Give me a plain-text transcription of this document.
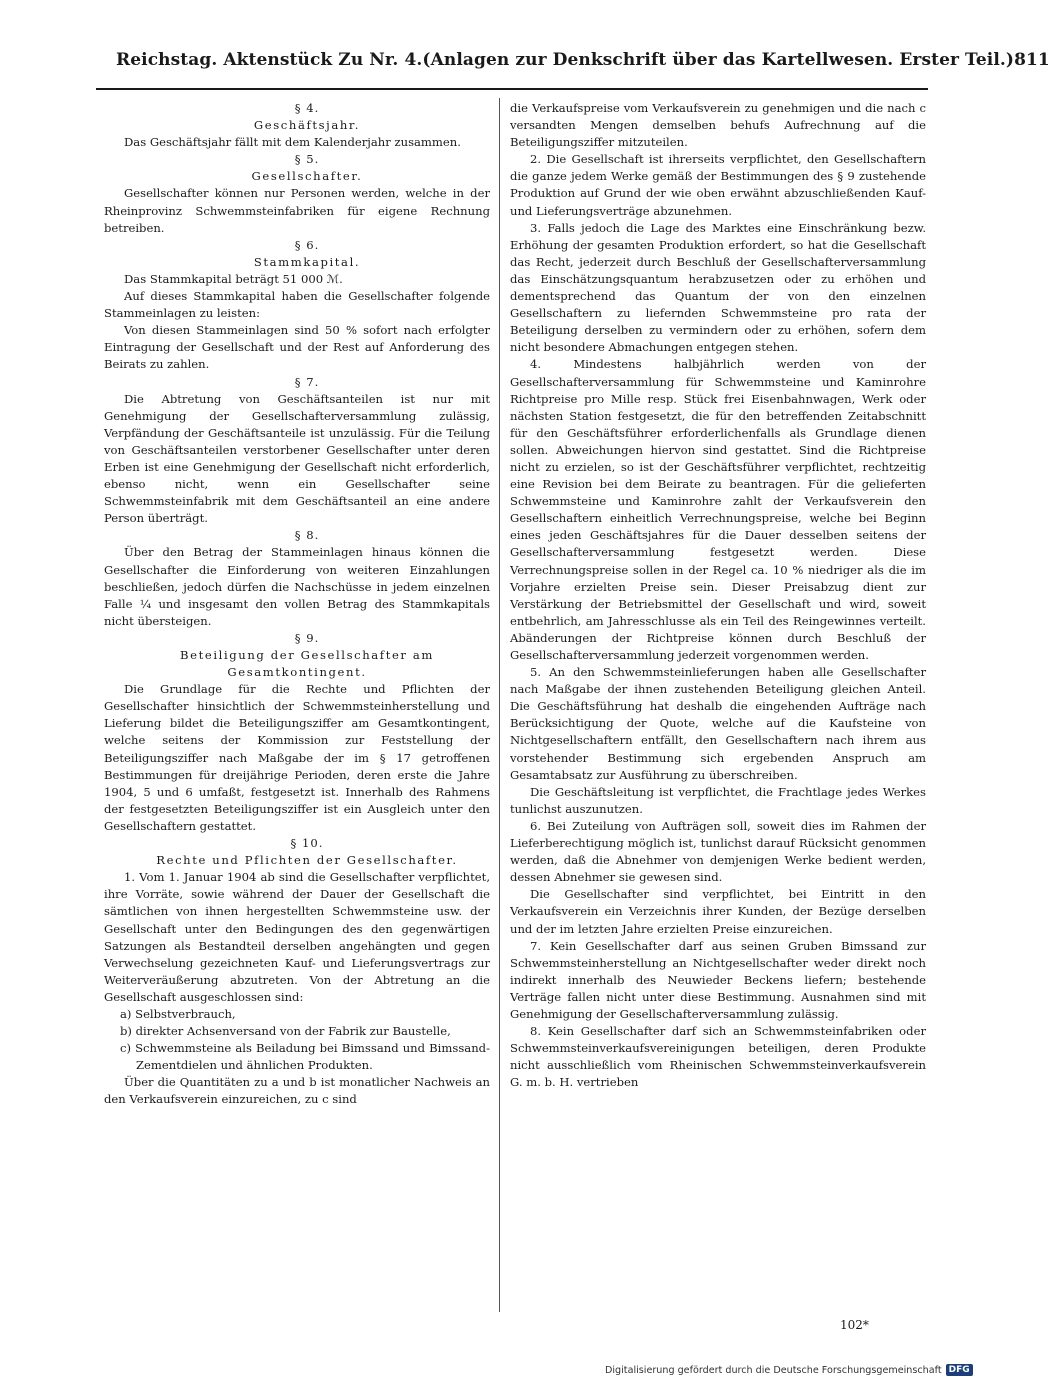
Reichstag. Aktenstück Zu Nr. 4. (Anlagen zur Denkschrift über das Kartellwesen. Erster Teil.) 811

§ 4.

Geschäftsjahr.

Das Geschäftsjahr fällt mit dem Kalenderjahr zusammen.

§ 5.

Gesellschafter.

Gesellschafter können nur Personen werden, welche in der Rheinprovinz Schwemmsteinfabriken für eigene Rechnung betreiben.

§ 6.

Stammkapital.

Das Stammkapital beträgt 51 000 ℳ.

Auf dieses Stammkapital haben die Gesellschafter folgende Stammeinlagen zu leisten:

Von diesen Stammeinlagen sind 50 % sofort nach erfolgter Eintragung der Gesellschaft und der Rest auf Anforderung des Beirats zu zahlen.

§ 7.

Die Abtretung von Geschäftsanteilen ist nur mit Genehmigung der Gesellschafterversammlung zulässig, Verpfändung der Geschäftsanteile ist unzulässig. Für die Teilung von Geschäftsanteilen verstorbener Gesellschafter unter deren Erben ist eine Genehmigung der Gesellschaft nicht erforderlich, ebenso nicht, wenn ein Gesellschafter seine Schwemmsteinfabrik mit dem Geschäftsanteil an eine andere Person überträgt.

§ 8.

Über den Betrag der Stammeinlagen hinaus können die Gesellschafter die Einforderung von weiteren Einzahlungen beschließen, jedoch dürfen die Nachschüsse in jedem einzelnen Falle ¼ und insgesamt den vollen Betrag des Stammkapitals nicht übersteigen.

§ 9.

Beteiligung der Gesellschafter am Gesamtkontingent.

Die Grundlage für die Rechte und Pflichten der Gesellschafter hinsichtlich der Schwemmsteinherstellung und Lieferung bildet die Beteiligungsziffer am Gesamtkontingent, welche seitens der Kommission zur Feststellung der Beteiligungsziffer nach Maßgabe der im § 17 getroffenen Bestimmungen für dreijährige Perioden, deren erste die Jahre 1904, 5 und 6 umfaßt, festgesetzt ist. Innerhalb des Rahmens der festgesetzten Beteiligungsziffer ist ein Ausgleich unter den Gesellschaftern gestattet.

§ 10.

Rechte und Pflichten der Gesellschafter.

1. Vom 1. Januar 1904 ab sind die Gesellschafter verpflichtet, ihre Vorräte, sowie während der Dauer der Gesellschaft die sämtlichen von ihnen hergestellten Schwemmsteine usw. der Gesellschaft unter den Bedingungen des den gegenwärtigen Satzungen als Bestandteil derselben angehängten und gegen Verwechselung gezeichneten Kauf- und Lieferungsvertrags zur Weiterveräußerung abzutreten. Von der Abtretung an die Gesellschaft ausgeschlossen sind:

a) Selbstverbrauch,

b) direkter Achsenversand von der Fabrik zur Baustelle,

c) Schwemmsteine als Beiladung bei Bimssand und Bimssand-Zementdielen und ähnlichen Produkten.

Über die Quantitäten zu a und b ist monatlicher Nachweis an den Verkaufsverein einzureichen, zu c sind

die Verkaufspreise vom Verkaufsverein zu genehmigen und die nach c versandten Mengen demselben behufs Aufrechnung auf die Beteiligungsziffer mitzuteilen.

2. Die Gesellschaft ist ihrerseits verpflichtet, den Gesellschaftern die ganze jedem Werke gemäß der Bestimmungen des § 9 zustehende Produktion auf Grund der wie oben erwähnt abzuschließenden Kauf- und Lieferungsverträge abzunehmen.

3. Falls jedoch die Lage des Marktes eine Einschränkung bezw. Erhöhung der gesamten Produktion erfordert, so hat die Gesellschaft das Recht, jederzeit durch Beschluß der Gesellschafterversammlung das Einschätzungsquantum herabzusetzen oder zu erhöhen und dementsprechend das Quantum der von den einzelnen Gesellschaftern zu liefernden Schwemmsteine pro rata der Beteiligung derselben zu vermindern oder zu erhöhen, sofern dem nicht besondere Abmachungen entgegen stehen.

4. Mindestens halbjährlich werden von der Gesellschafterversammlung für Schwemmsteine und Kaminrohre Richtpreise pro Mille resp. Stück frei Eisenbahnwagen, Werk oder nächsten Station festgesetzt, die für den betreffenden Zeitabschnitt für den Geschäftsführer erforderlichenfalls als Grundlage dienen sollen. Abweichungen hiervon sind gestattet. Sind die Richtpreise nicht zu erzielen, so ist der Geschäftsführer verpflichtet, rechtzeitig eine Revision bei dem Beirate zu beantragen. Für die gelieferten Schwemmsteine und Kaminrohre zahlt der Verkaufsverein den Gesellschaftern einheitlich Verrechnungspreise, welche bei Beginn eines jeden Geschäftsjahres für die Dauer desselben seitens der Gesellschafterversammlung festgesetzt werden. Diese Verrechnungspreise sollen in der Regel ca. 10 % niedriger als die im Vorjahre erzielten Preise sein. Dieser Preisabzug dient zur Verstärkung der Betriebsmittel der Gesellschaft und wird, soweit entbehrlich, am Jahresschlusse als ein Teil des Reingewinnes verteilt. Abänderungen der Richtpreise können durch Beschluß der Gesellschafterversammlung jederzeit vorgenommen werden.

5. An den Schwemmsteinlieferungen haben alle Gesellschafter nach Maßgabe der ihnen zustehenden Beteiligung gleichen Anteil. Die Geschäftsführung hat deshalb die eingehenden Aufträge nach Berücksichtigung der Quote, welche auf die Kaufsteine von Nichtgesellschaftern entfällt, den Gesellschaftern nach ihrem aus vorstehender Bestimmung sich ergebenden Anspruch am Gesamtabsatz zur Ausführung zu überschreiben.

Die Geschäftsleitung ist verpflichtet, die Frachtlage jedes Werkes tunlichst auszunutzen.

6. Bei Zuteilung von Aufträgen soll, soweit dies im Rahmen der Lieferberechtigung möglich ist, tunlichst darauf Rücksicht genommen werden, daß die Abnehmer von demjenigen Werke bedient werden, dessen Abnehmer sie gewesen sind.

Die Gesellschafter sind verpflichtet, bei Eintritt in den Verkaufsverein ein Verzeichnis ihrer Kunden, der Bezüge derselben und der im letzten Jahre erzielten Preise einzureichen.

7. Kein Gesellschafter darf aus seinen Gruben Bimssand zur Schwemmsteinherstellung an Nichtgesellschafter weder direkt noch indirekt innerhalb des Neuwieder Beckens liefern; bestehende Verträge fallen nicht unter diese Bestimmung. Ausnahmen sind mit Genehmigung der Gesellschafterversammlung zulässig.

8. Kein Gesellschafter darf sich an Schwemmsteinfabriken oder Schwemmsteinverkaufsvereinigungen beteiligen, deren Produkte nicht ausschließlich vom Rheinischen Schwemmsteinverkaufsverein G. m. b. H. vertrieben

102*
Digitalisierung gefördert durch die Deutsche Forschungsgemeinschaft DFG
